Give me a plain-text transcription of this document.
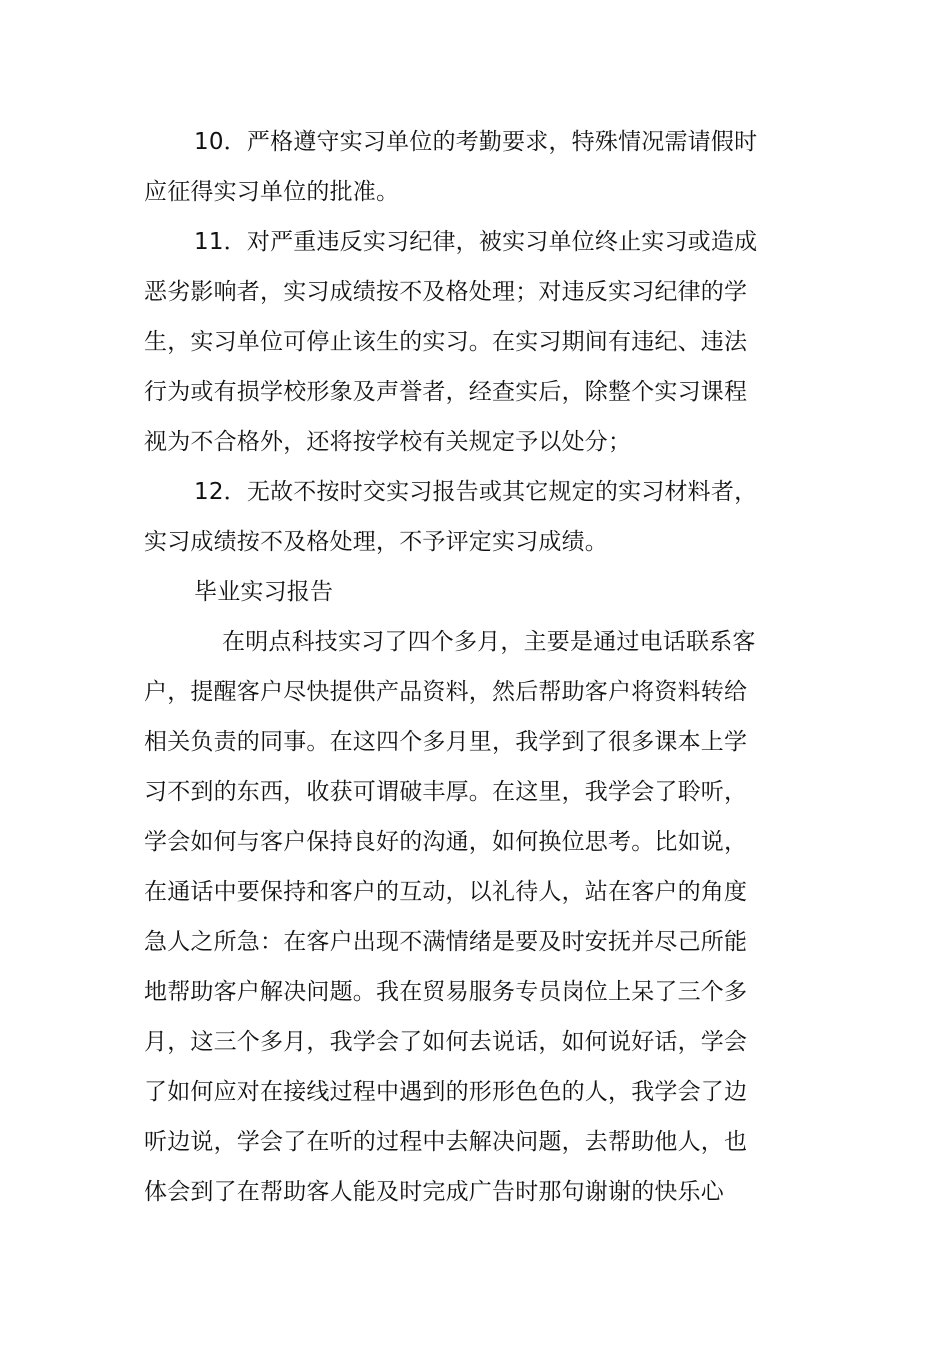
10．严格遵守实习单位的考勤要求，特殊情况需请假时
应征得实习单位的批准。
11．对严重违反实习纪律，被实习单位终止实习或造成
恶劣影响者，实习成绩按不及格处理；对违反实习纪律的学
生，实习单位可停止该生的实习。在实习期间有违纪、违法
行为或有损学校形象及声誉者，经查实后，除整个实习课程
视为不合格外，还将按学校有关规定予以处分；
12．无故不按时交实习报告或其它规定的实习材料者，
实习成绩按不及格处理，不予评定实习成绩。
毕业实习报告
在明点科技实习了四个多月，主要是通过电话联系客
户，提醒客户尽快提供产品资料，然后帮助客户将资料转给
相关负责的同事。在这四个多月里，我学到了很多课本上学
习不到的东西，收获可谓破丰厚。在这里，我学会了聆听，
学会如何与客户保持良好的沟通，如何换位思考。比如说，
在通话中要保持和客户的互动，以礼待人，站在客户的角度
急人之所急：在客户出现不满情绪是要及时安抚并尽己所能
地帮助客户解决问题。我在贸易服务专员岗位上呆了三个多
月，这三个多月，我学会了如何去说话，如何说好话，学会
了如何应对在接线过程中遇到的形形色色的人，我学会了边
听边说，学会了在听的过程中去解决问题，去帮助他人，也
体会到了在帮助客人能及时完成广告时那句谢谢的快乐心
